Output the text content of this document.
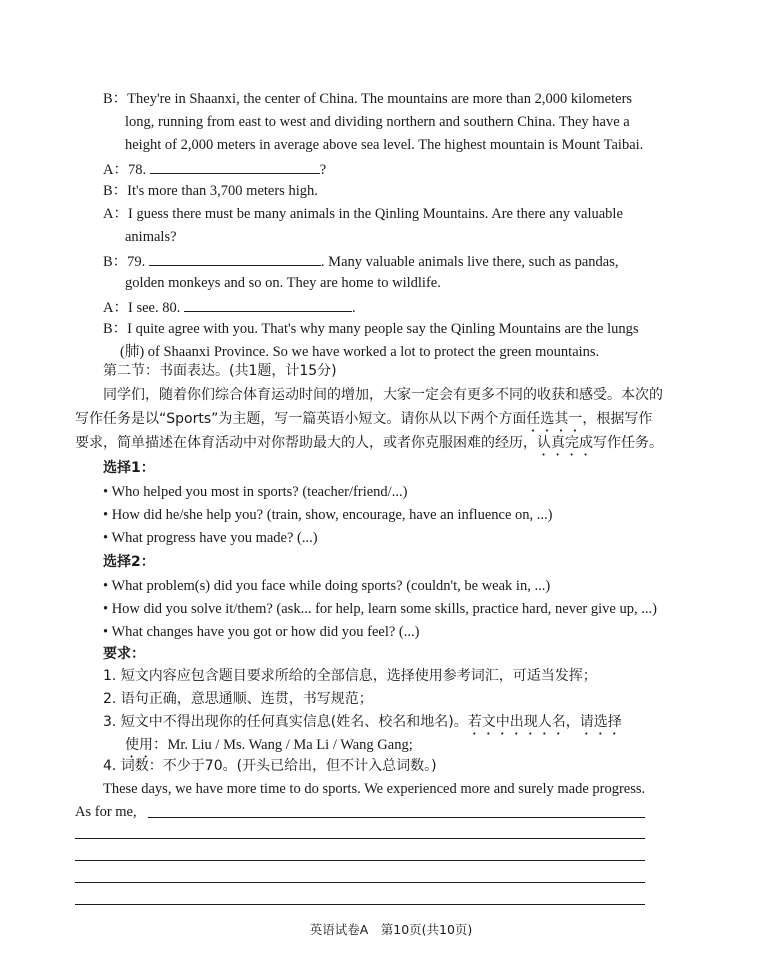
B：They're in Shaanxi, the center of China. The mountains are more than 2,000 kilometers
long, running from east to west and dividing northern and southern China. They have a
height of 2,000 meters in average above sea level. The highest mountain is Mount Taibai.
A：78.	?
B：It's more than 3,700 meters high.
A：I guess there must be many animals in the Qinling Mountains. Are there any valuable
animals?
B：79.	. Many valuable animals live there, such as pandas,
golden monkeys and so on. They are home to wildlife.
A：I see. 80.	.
B：I quite agree with you. That's why many people say the Qinling Mountains are the lungs
(肺) of Shaanxi Province. So we have worked a lot to protect the green mountains.
第二节：书面表达。(共1题，计15分)
同学们，随着你们综合体育运动时间的增加，大家一定会有更多不同的收获和感受。本次的
写作任务是以“Sports”为主题，写一篇英语小短文。请你从以下两个方面任选其一，根据写作
要求，简单描述在体育活动中对你帮助最大的人，或者你克服困难的经历，认真完成写作任务。
选择1：
• Who helped you most in sports? (teacher/friend/...)
• How did he/she help you? (train, show, encourage, have an influence on, ...)
• What progress have you made? (...)
选择2：
• What problem(s) did you face while doing sports? (couldn't, be weak in, ...)
• How did you solve it/them? (ask... for help, learn some skills, practice hard, never give up, ...)
• What changes have you got or how did you feel? (...)
要求：
1. 短文内容应包含题目要求所给的全部信息，选择使用参考词汇，可适当发挥；
2. 语句正确，意思通顺、连贯，书写规范；
3. 短文中不得出现你的任何真实信息(姓名、校名和地名)。若文中出现人名，请选择
使用：Mr. Liu / Ms. Wang / Ma Li / Wang Gang;
4. 词数：不少于70。(开头已给出，但不计入总词数。)
These days, we have more time to do sports. We experienced more and surely made progress.
As for me,
英语试卷A　第10页(共10页)
